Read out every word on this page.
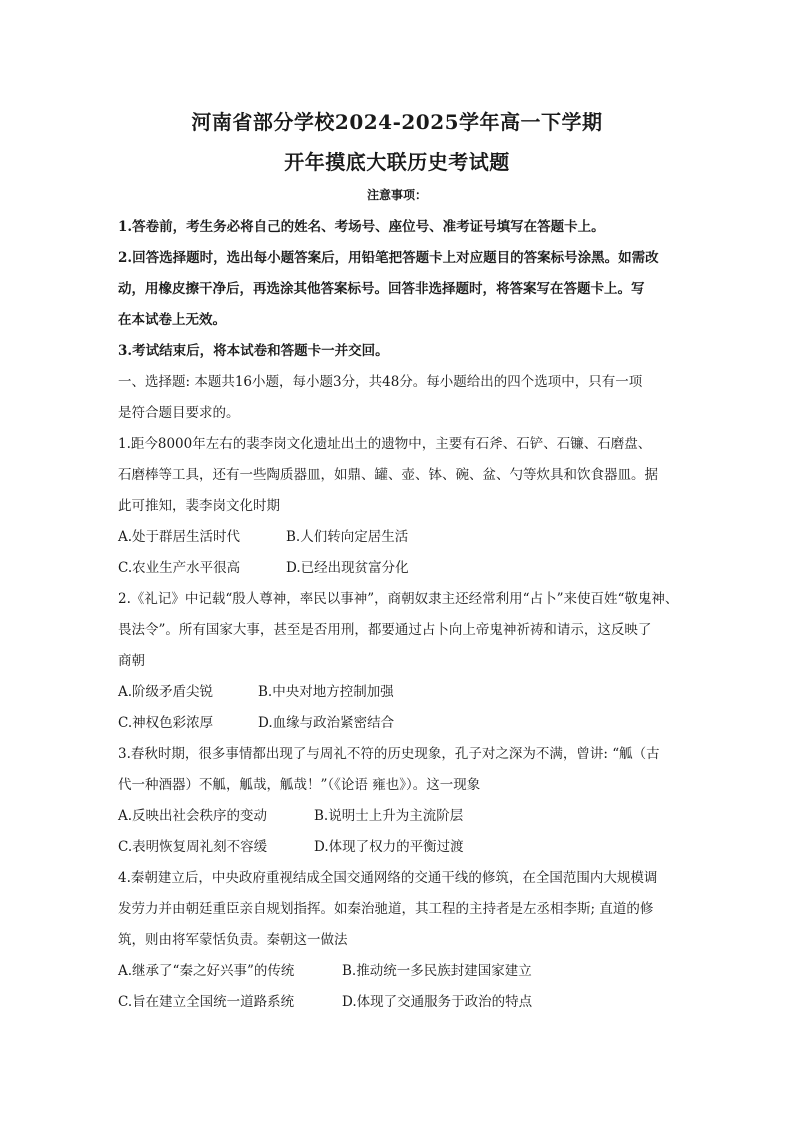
河南省部分学校2024-2025学年高一下学期
开年摸底大联历史考试题
注意事项：

1.答卷前，考生务必将自己的姓名、考场号、座位号、准考证号填写在答题卡上。

2.回答选择题时，选出每小题答案后，用铅笔把答题卡上对应题目的答案标号涂黑。如需改

动，用橡皮擦干净后，再选涂其他答案标号。回答非选择题时，将答案写在答题卡上。写

在本试卷上无效。

3.考试结束后，将本试卷和答题卡一并交回。

一、选择题: 本题共16小题，每小题3分，共48分。每小题给出的四个选项中，只有一项

是符合题目要求的。

1.距今8000年左右的裴李岗文化遗址出土的遗物中，主要有石斧、石铲、石镰、石磨盘、

石磨棒等工具，还有一些陶质器皿，如鼎、罐、壶、钵、碗、盆、勺等炊具和饮食器皿。据

此可推知，裴李岗文化时期

A.处于群居生活时代	B.人们转向定居生活
C.农业生产水平很高	D.已经出现贫富分化

2.《礼记》中记载“殷人尊神，率民以事神”，商朝奴隶主还经常利用“占卜”来使百姓“敬鬼神、

畏法令”。所有国家大事，甚至是否用刑，都要通过占卜向上帝鬼神祈祷和请示，这反映了

商朝

A.阶级矛盾尖锐	B.中央对地方控制加强
C.神权色彩浓厚	D.血缘与政治紧密结合

3.春秋时期，很多事情都出现了与周礼不符的历史现象，孔子对之深为不满，曾讲: “觚（古

代一种酒器）不觚，觚哉，觚哉！”（《论语 雍也》）。这一现象

A.反映出社会秩序的变动	B.说明士上升为主流阶层
C.表明恢复周礼刻不容缓	D.体现了权力的平衡过渡

4.秦朝建立后，中央政府重视结成全国交通网络的交通干线的修筑，在全国范围内大规模调

发劳力并由朝廷重臣亲自规划指挥。如秦治驰道，其工程的主持者是左丞相李斯; 直道的修

筑，则由将军蒙恬负责。秦朝这一做法

A.继承了“秦之好兴事”的传统	B.推动统一多民族封建国家建立
C.旨在建立全国统一道路系统	D.体现了交通服务于政治的特点
